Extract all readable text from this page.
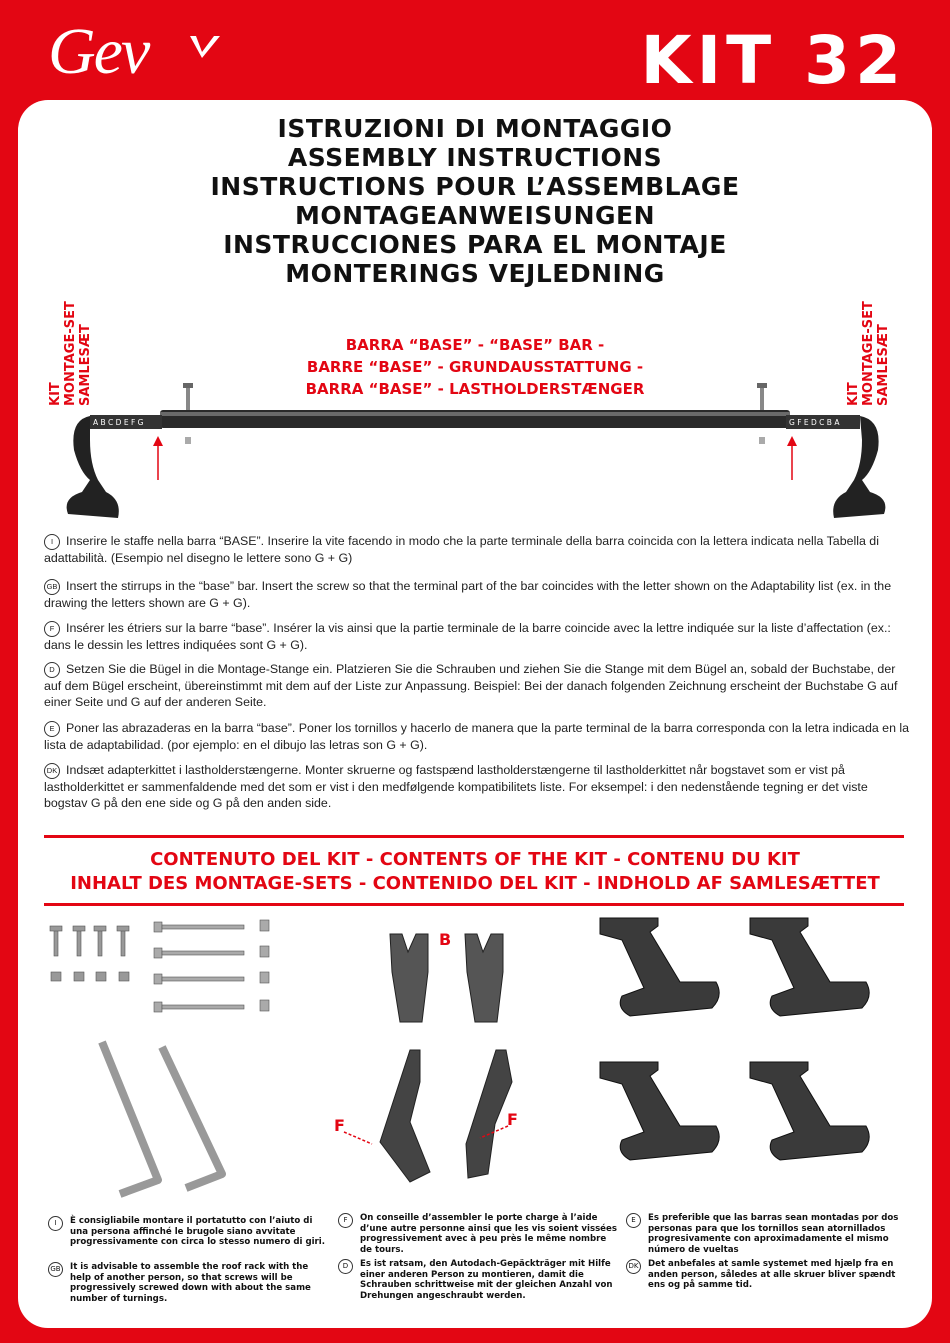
Gev	KIT 32
ISTRUZIONI DI MONTAGGIO
ASSEMBLY INSTRUCTIONS
INSTRUCTIONS POUR L’ASSEMBLAGE
MONTAGEANWEISUNGEN
INSTRUCCIONES PARA EL MONTAJE
MONTERINGS VEJLEDNING
KIT MONTAGE-SET SAMLESÆT	KIT MONTAGE-SET SAMLESÆT
BARRA “BASE” - “BASE” BAR -
BARRE “BASE” - GRUNDAUSSTATTUNG -
BARRA “BASE” - LASTHOLDERSTÆNGER
A B C D E F G	G F E D C B A
I Inserire le staffe nella barra “BASE”. Inserire la vite facendo in modo che la parte terminale della barra coincida con la lettera indicata nella Tabella di adattabilità. (Esempio nel disegno le lettere sono G + G)
GB Insert the stirrups in the “base” bar. Insert the screw so that the terminal part of the bar coincides with the letter shown on the Adaptability list (ex. in the drawing the letters shown are G + G).
F Insérer les étriers sur la barre “base”. Insérer la vis ainsi que la partie terminale de la barre coincide avec la lettre indiquée sur la liste d’affectation (ex.: dans le dessin les lettres indiquées sont G + G).
D Setzen Sie die Bügel in die Montage-Stange ein. Platzieren Sie die Schrauben und ziehen Sie die Stange mit dem Bügel an, sobald der Buchstabe, der auf dem Bügel erscheint, übereinstimmt mit dem auf der Liste zur Anpassung. Beispiel: Bei der danach folgenden Zeichnung erscheint der Buchstabe G auf einer Seite und G auf der anderen Seite.
E Poner las abrazaderas en la barra “base”. Poner los tornillos y hacerlo de manera que la parte terminal de la barra corresponda con la letra indicada en la lista de adaptabilidad. (por ejemplo: en el dibujo las letras son G + G).
DK Indsæt adapterkittet i lastholderstængerne. Monter skruerne og fastspænd lastholderstængerne til lastholderkittet når bogstavet som er vist på lastholderkittet er sammenfaldende med det som er vist i den medfølgende kompatibilitets liste. For eksempel: i den nedenstående tegning er det viste bogstav G på den ene side og G på den anden side.
CONTENUTO DEL KIT - CONTENTS OF THE KIT - CONTENU DU KIT
INHALT DES MONTAGE-SETS - CONTENIDO DEL KIT - INDHOLD AF SAMLESÆTTET
B
F	F
I	È consigliabile montare il portatutto con l’aiuto di una persona affinché le brugole siano avvitate progressivamente con circa lo stesso numero di giri.
GB It is advisable to assemble the roof rack with the help of another person, so that screws will be progressively screwed down with about the same number of turnings.
F	On conseille d’assembler le porte charge à l’aide d’une autre personne ainsi que les vis soient vissées progressivement avec à peu près le même nombre de tours.
D	Es ist ratsam, den Autodach-Gepäckträger mit Hilfe einer anderen Person zu montieren, damit die Schrauben schrittweise mit der gleichen Anzahl von Drehungen angeschraubt werden.
E	Es preferible que las barras sean montadas por dos personas para que los tornillos sean atornillados progresivamente con aproximadamente el mismo número de vueltas
DK Det anbefales at samle systemet med hjælp fra en anden person, således at alle skruer bliver spændt ens og på samme tid.
